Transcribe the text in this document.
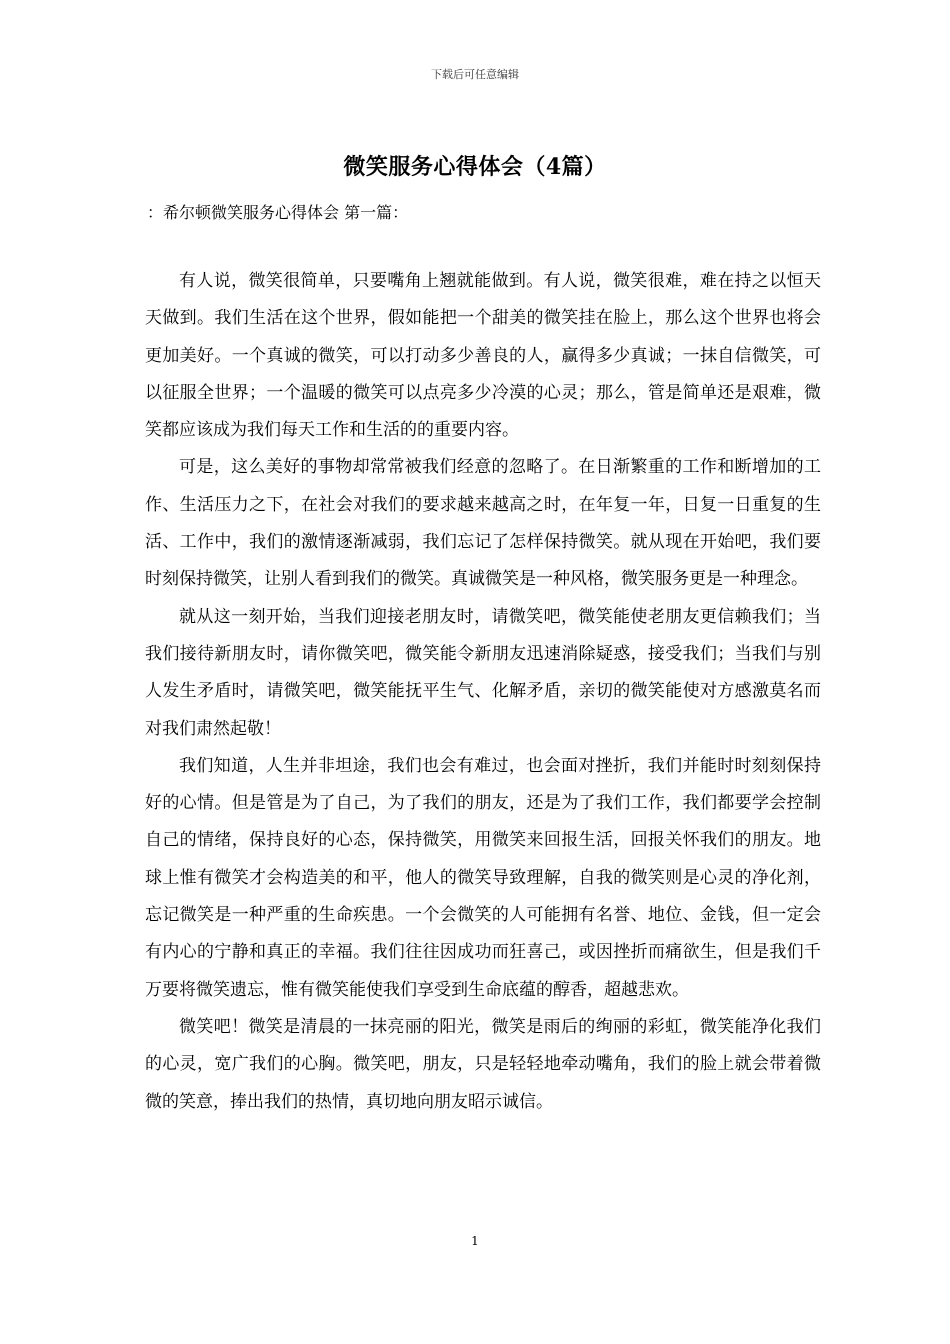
下载后可任意编辑
微笑服务心得体会（4篇）
：希尔顿微笑服务心得体会 第一篇：

有人说，微笑很简单，只要嘴角上翘就能做到。有人说，微笑很难，难在持之以恒天天做到。我们生活在这个世界，假如能把一个甜美的微笑挂在脸上，那么这个世界也将会更加美好。一个真诚的微笑，可以打动多少善良的人，赢得多少真诚；一抹自信微笑，可以征服全世界；一个温暖的微笑可以点亮多少冷漠的心灵；那么，管是简单还是艰难，微笑都应该成为我们每天工作和生活的的重要内容。

可是，这么美好的事物却常常被我们经意的忽略了。在日渐繁重的工作和断增加的工作、生活压力之下，在社会对我们的要求越来越高之时，在年复一年，日复一日重复的生活、工作中，我们的激情逐渐减弱，我们忘记了怎样保持微笑。就从现在开始吧，我们要时刻保持微笑，让别人看到我们的微笑。真诚微笑是一种风格，微笑服务更是一种理念。

就从这一刻开始，当我们迎接老朋友时，请微笑吧，微笑能使老朋友更信赖我们；当我们接待新朋友时，请你微笑吧，微笑能令新朋友迅速消除疑惑，接受我们；当我们与别人发生矛盾时，请微笑吧，微笑能抚平生气、化解矛盾，亲切的微笑能使对方感激莫名而对我们肃然起敬！

我们知道，人生并非坦途，我们也会有难过，也会面对挫折，我们并能时时刻刻保持好的心情。但是管是为了自己，为了我们的朋友，还是为了我们工作，我们都要学会控制自己的情绪，保持良好的心态，保持微笑，用微笑来回报生活，回报关怀我们的朋友。地球上惟有微笑才会构造美的和平，他人的微笑导致理解，自我的微笑则是心灵的净化剂，忘记微笑是一种严重的生命疾患。一个会微笑的人可能拥有名誉、地位、金钱，但一定会有内心的宁静和真正的幸福。我们往往因成功而狂喜己，或因挫折而痛欲生，但是我们千万要将微笑遗忘，惟有微笑能使我们享受到生命底蕴的醇香，超越悲欢。

微笑吧！微笑是清晨的一抹亮丽的阳光，微笑是雨后的绚丽的彩虹，微笑能净化我们的心灵，宽广我们的心胸。微笑吧，朋友，只是轻轻地牵动嘴角，我们的脸上就会带着微微的笑意，捧出我们的热情，真切地向朋友昭示诚信。

1
